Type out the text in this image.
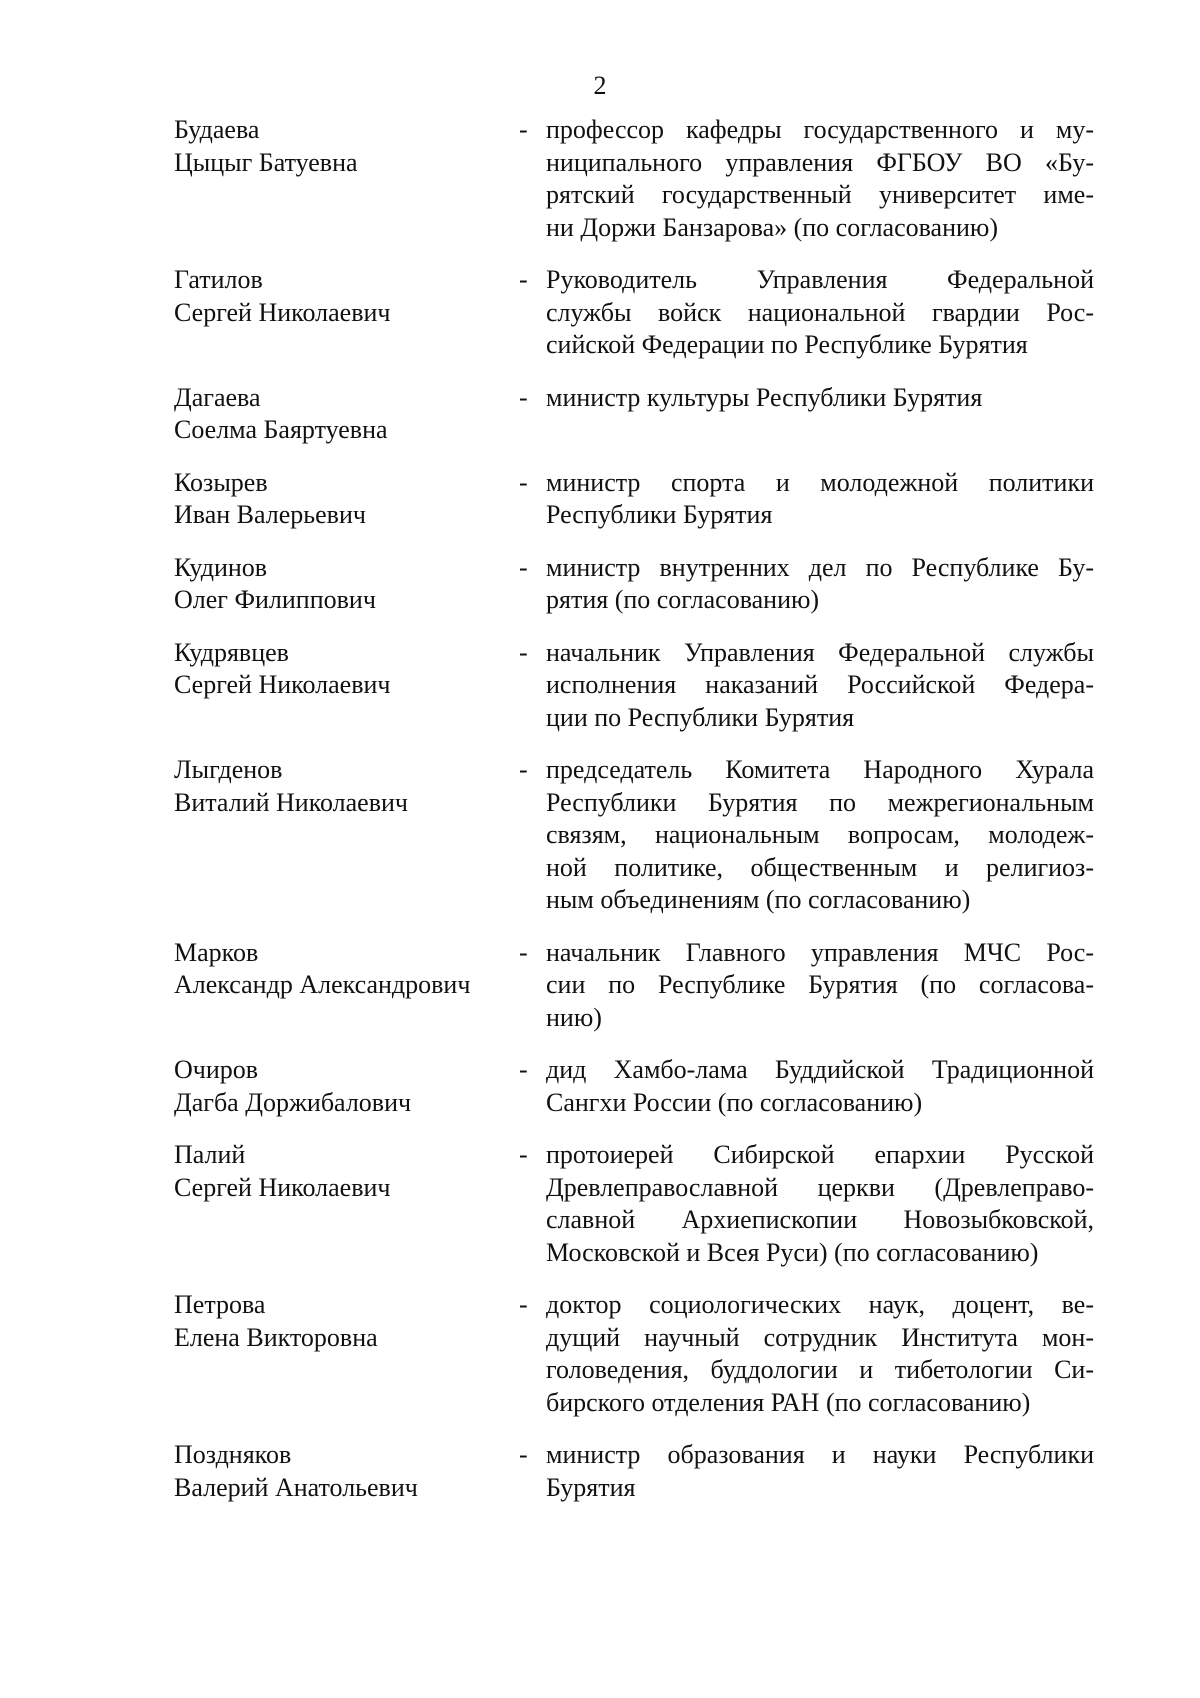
2
Будаева
Цыцыг Батуевна
- профессор кафедры государственного и му-
ниципального управления ФГБОУ ВО «Бу-
рятский государственный университет име-
ни Доржи Банзарова» (по согласованию)
Гатилов
Сергей Николаевич
- Руководитель Управления Федеральной
службы войск национальной гвардии Рос-
сийской Федерации по Республике Бурятия
Дагаева
Соелма Баяртуевна
- министр культуры Республики Бурятия
Козырев
Иван Валерьевич
- министр спорта и молодежной политики
Республики Бурятия
Кудинов
Олег Филиппович
- министр внутренних дел по Республике Бу-
рятия (по согласованию)
Кудрявцев
Сергей Николаевич
- начальник Управления Федеральной службы
исполнения наказаний Российской Федера-
ции по Республики Бурятия
Лыгденов
Виталий Николаевич
- председатель Комитета Народного Хурала
Республики Бурятия по межрегиональным
связям, национальным вопросам, молодеж-
ной политике, общественным и религиоз-
ным объединениям (по согласованию)
Марков
Александр Александрович
- начальник Главного управления МЧС Рос-
сии по Республике Бурятия (по согласова-
нию)
Очиров
Дагба Доржибалович
- дид Хамбо-лама Буддийской Традиционной
Сангхи России (по согласованию)
Палий
Сергей Николаевич
- протоиерей Сибирской епархии Русской
Древлеправославной церкви (Древлеправо-
славной Архиепископии Новозыбковской,
Московской и Всея Руси) (по согласованию)
Петрова
Елена Викторовна
- доктор социологических наук, доцент, ве-
дущий научный сотрудник Института мон-
головедения, буддологии и тибетологии Си-
бирского отделения РАН (по согласованию)
Поздняков
Валерий Анатольевич
- министр образования и науки Республики
Бурятия
